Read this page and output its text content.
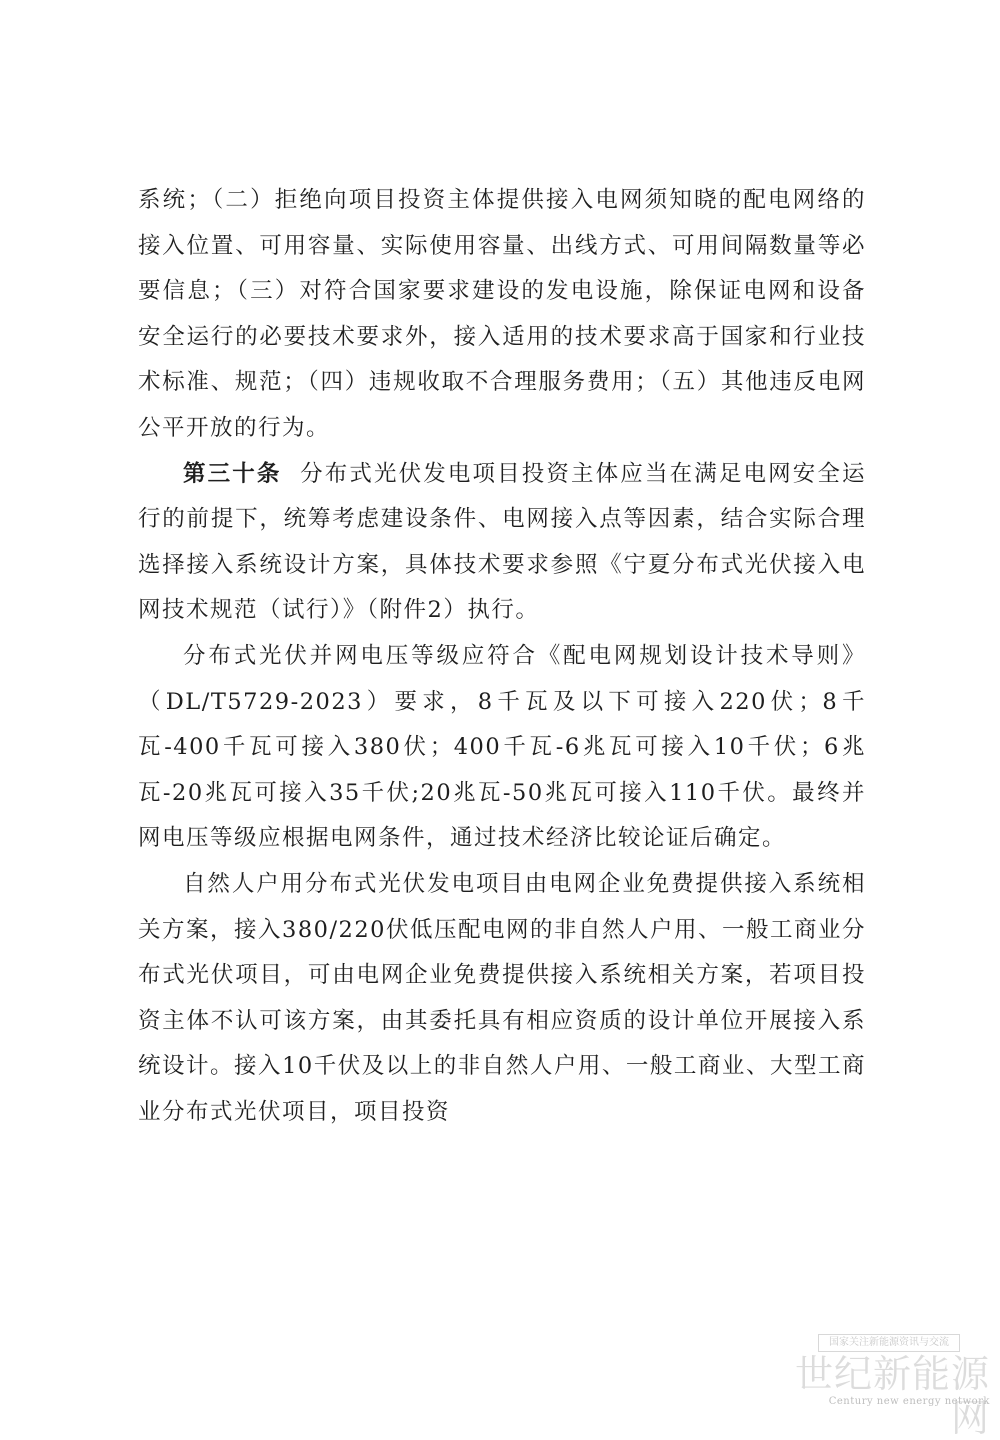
系统；（二）拒绝向项目投资主体提供接入电网须知晓的配电网络的接入位置、可用容量、实际使用容量、出线方式、可用间隔数量等必要信息；（三）对符合国家要求建设的发电设施，除保证电网和设备安全运行的必要技术要求外，接入适用的技术要求高于国家和行业技术标准、规范；（四）违规收取不合理服务费用；（五）其他违反电网公平开放的行为。

第三十条 分布式光伏发电项目投资主体应当在满足电网安全运行的前提下，统筹考虑建设条件、电网接入点等因素，结合实际合理选择接入系统设计方案，具体技术要求参照《宁夏分布式光伏接入电网技术规范（试行）》（附件2）执行。

分布式光伏并网电压等级应符合《配电网规划设计技术导则》（DL/T5729-2023）要求，8千瓦及以下可接入220伏；8千瓦-400千瓦可接入380伏；400千瓦-6兆瓦可接入10千伏；6兆瓦-20兆瓦可接入35千伏;20兆瓦-50兆瓦可接入110千伏。最终并网电压等级应根据电网条件，通过技术经济比较论证后确定。

自然人户用分布式光伏发电项目由电网企业免费提供接入系统相关方案，接入380/220伏低压配电网的非自然人户用、一般工商业分布式光伏项目，可由电网企业免费提供接入系统相关方案，若项目投资主体不认可该方案，由其委托具有相应资质的设计单位开展接入系统设计。接入10千伏及以上的非自然人户用、一般工商业、大型工商业分布式光伏项目，项目投资

国家关注新能源资讯与交流
世纪新能源网
Century new energy network
